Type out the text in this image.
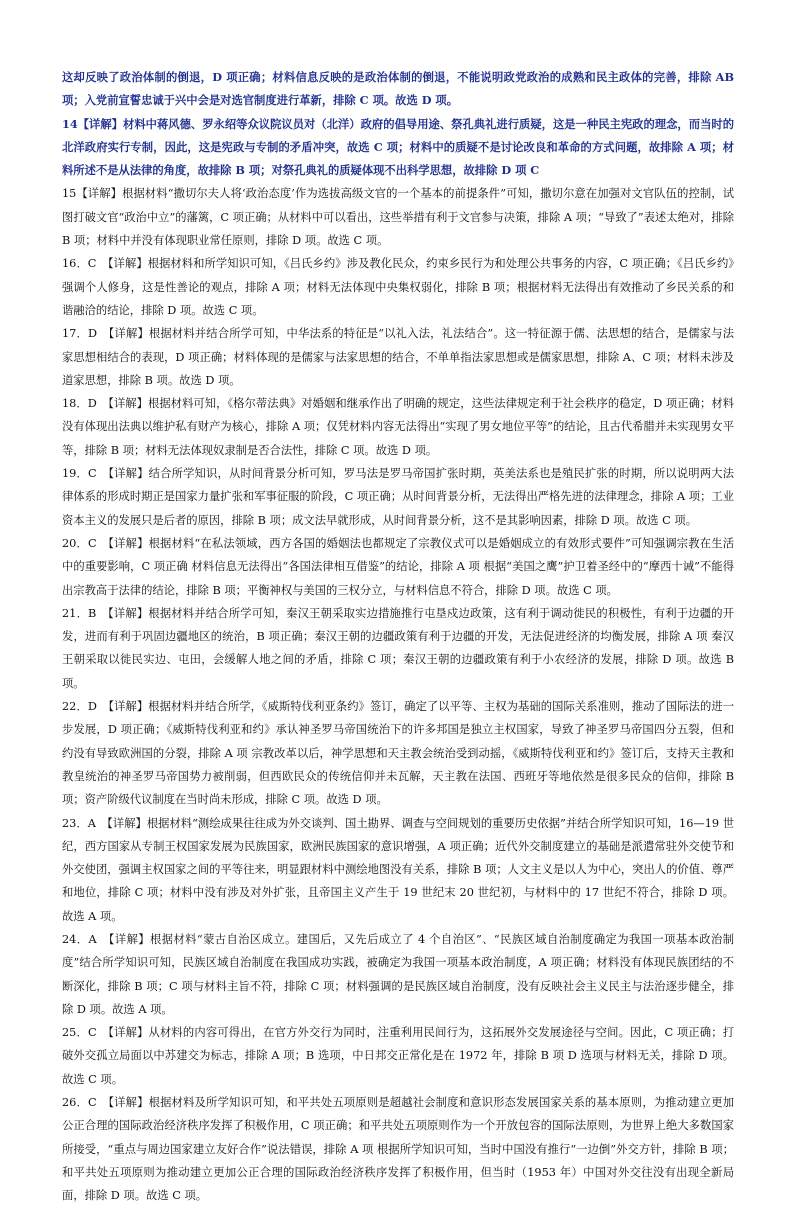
这却反映了政治体制的倒退，D 项正确；材料信息反映的是政治体制的倒退，不能说明政党政治的成熟和民主政体的完善，排除 AB 项；入党前宣誓忠诚于兴中会是对选官制度进行革新，排除 C 项。故选 D 项。

14【详解】材料中蒋风德、罗永绍等众议院议员对（北洋）政府的倡导用途、祭孔典礼进行质疑，这是一种民主宪政的理念，而当时的北洋政府实行专制，因此，这是宪政与专制的矛盾冲突，故选 C 项；材料中的质疑不是讨论改良和革命的方式问题，故排除 A 项；材料所述不是从法律的角度，故排除 B 项；对祭孔典礼的质疑体现不出科学思想，故排除 D 项 C

15【详解】根据材料“撒切尔夫人将‘政治态度’作为选拔高级文官的一个基本的前提条件”可知，撒切尔意在加强对文官队伍的控制，试图打破文官“政治中立”的藩篱，C 项正确；从材料中可以看出，这些举措有利于文官参与决策，排除 A 项；“导致了”表述太绝对，排除 B 项；材料中并没有体现职业常任原则，排除 D 项。故选 C 项。

16．C　【详解】根据材料和所学知识可知，《吕氏乡约》涉及教化民众，约束乡民行为和处理公共事务的内容，C 项正确；《吕氏乡约》强调个人修身，这是性善论的观点，排除 A 项；材料无法体现中央集权弱化，排除 B 项；根据材料无法得出有效推动了乡民关系的和谐融洽的结论，排除 D 项。故选 C 项。

17．D　【详解】根据材料并结合所学可知，中华法系的特征是“以礼入法，礼法结合”。这一特征源于儒、法思想的结合，是儒家与法家思想相结合的表现，D 项正确；材料体现的是儒家与法家思想的结合，不单单指法家思想或是儒家思想，排除 A、C 项；材料未涉及道家思想，排除 B 项。故选 D 项。

18．D　【详解】根据材料可知，《格尔蒂法典》对婚姻和继承作出了明确的规定，这些法律规定利于社会秩序的稳定，D 项正确；材料没有体现出法典以维护私有财产为核心，排除 A 项；仅凭材料内容无法得出“实现了男女地位平等”的结论，且古代希腊并未实现男女平等，排除 B 项；材料无法体现奴隶制是否合法性，排除 C 项。故选 D 项。

19．C　【详解】结合所学知识，从时间背景分析可知，罗马法是罗马帝国扩张时期，英美法系也是殖民扩张的时期，所以说明两大法律体系的形成时期正是国家力量扩张和军事征服的阶段，C 项正确；从时间背景分析，无法得出严格先进的法律理念，排除 A 项；工业资本主义的发展只是后者的原因，排除 B 项；成文法早就形成，从时间背景分析，这不是其影响因素，排除 D 项。故选 C 项。

20．C　【详解】根据材料“在私法领域，西方各国的婚姻法也都规定了宗教仪式可以是婚姻成立的有效形式要件”可知强调宗教在生活中的重要影响，C 项正确 材料信息无法得出“各国法律相互借鉴”的结论，排除 A 项 根据“美国之鹰”护卫着圣经中的“摩西十诫”不能得出宗教高于法律的结论，排除 B 项；平衡神权与美国的三权分立，与材料信息不符合，排除 D 项。故选 C 项。

21．B　【详解】根据材料并结合所学可知，秦汉王朝采取实边措施推行屯垦戍边政策，这有利于调动徙民的积极性，有利于边疆的开发，进而有利于巩固边疆地区的统治，B 项正确；秦汉王朝的边疆政策有利于边疆的开发，无法促进经济的均衡发展，排除 A 项 秦汉王朝采取以徙民实边、屯田，会缓解人地之间的矛盾，排除 C 项；秦汉王朝的边疆政策有利于小农经济的发展，排除 D 项。故选 B 项。

22．D　【详解】根据材料并结合所学，《威斯特伐利亚条约》签订，确定了以平等、主权为基础的国际关系准则，推动了国际法的进一步发展，D 项正确；《威斯特伐利亚和约》承认神圣罗马帝国统治下的许多邦国是独立主权国家，导致了神圣罗马帝国四分五裂，但和约没有导致欧洲国的分裂，排除 A 项 宗教改革以后，神学思想和天主教会统治受到动摇，《威斯特伐利亚和约》签订后，支持天主教和教皇统治的神圣罗马帝国势力被削弱，但西欧民众的传统信仰并未瓦解，天主教在法国、西班牙等地依然是很多民众的信仰，排除 B 项；资产阶级代议制度在当时尚未形成，排除 C 项。故选 D 项。

23．A　【详解】根据材料“测绘成果往往成为外交谈判、国土勘界、调查与空间规划的重要历史依据”并结合所学知识可知，16—19 世纪，西方国家从专制王权国家发展为民族国家，欧洲民族国家的意识增强，A 项正确；近代外交制度建立的基础是派遣常驻外交使节和外交使团，强调主权国家之间的平等往来，明显跟材料中测绘地图没有关系，排除 B 项；人文主义是以人为中心，突出人的价值、尊严和地位，排除 C 项；材料中没有涉及对外扩张，且帝国主义产生于 19 世纪末 20 世纪初，与材料中的 17 世纪不符合，排除 D 项。故选 A 项。

24．A　【详解】根据材料“蒙古自治区成立。建国后，又先后成立了 4 个自治区”、“民族区域自治制度确定为我国一项基本政治制度”结合所学知识可知，民族区域自治制度在我国成功实践，被确定为我国一项基本政治制度，A 项正确；材料没有体现民族团结的不断深化，排除 B 项；C 项与材料主旨不符，排除 C 项；材料强调的是民族区域自治制度，没有反映社会主义民主与法治逐步健全，排除 D 项。故选 A 项。

25．C　【详解】从材料的内容可得出，在官方外交行为同时，注重利用民间行为，这拓展外交发展途径与空间。因此，C 项正确；打破外交孤立局面以中苏建交为标志，排除 A 项；B 选项，中日邦交正常化是在 1972 年，排除 B 项 D 选项与材料无关，排除 D 项。故选 C 项。

26．C　【详解】根据材料及所学知识可知，和平共处五项原则是超越社会制度和意识形态发展国家关系的基本原则，为推动建立更加公正合理的国际政治经济秩序发挥了积极作用，C 项正确；和平共处五项原则作为一个开放包容的国际法原则，为世界上绝大多数国家所接受，“重点与周边国家建立友好合作”说法错误，排除 A 项 根据所学知识可知，当时中国没有推行“一边倒”外交方针，排除 B 项；和平共处五项原则为推动建立更加公正合理的国际政治经济秩序发挥了积极作用，但当时（1953 年）中国对外交往没有出现全新局面，排除 D 项。故选 C 项。
